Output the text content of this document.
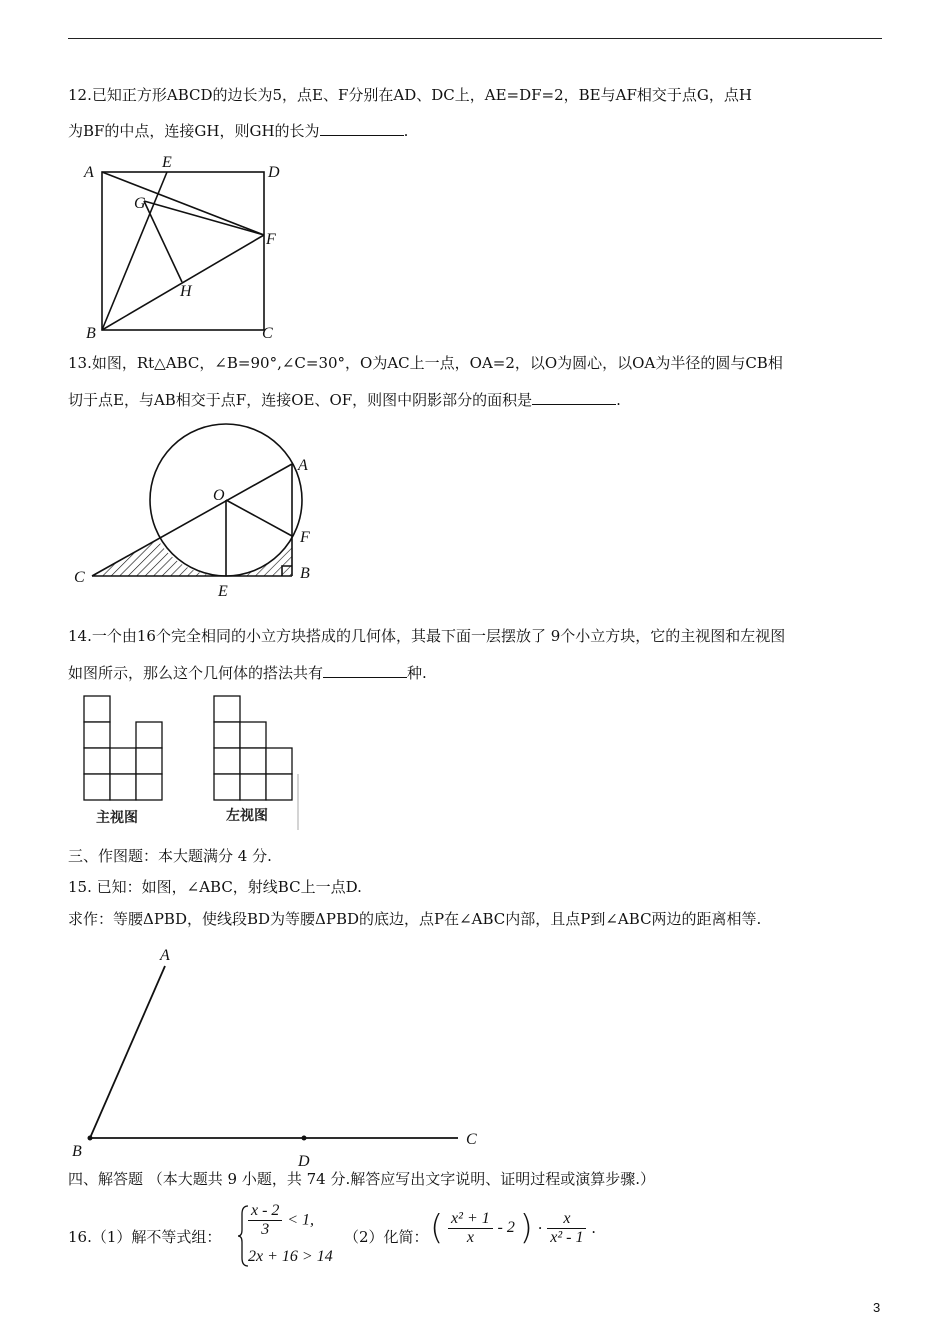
12.已知正方形ABCD的边长为5，点E、F分别在AD、DC上，AE=DF=2，BE与AF相交于点G，点H
为BF的中点，连接GH，则GH的长为	.
A
E
D
G
F
H
B	C
13.如图，Rt△ABC，∠B=90°,∠C=30°，O为AC上一点，OA=2，以O为圆心，以OA为半径的圆与CB相
切于点E，与AB相交于点F，连接OE、OF，则图中阴影部分的面积是	.
A
O
F
C
E
B
14.一个由16个完全相同的小立方块搭成的几何体，其最下面一层摆放了 9个小立方块，它的主视图和左视图
如图所示，那么这个几何体的搭法共有	种.
主视图	左视图
三、作图题：本大题满分 4 分.
15. 已知：如图，∠ABC，射线BC上一点D.
求作：等腰ΔPBD，使线段BD为等腰ΔPBD的底边，点P在∠ABC内部，且点P到∠ABC两边的距离相等.
A
B
C
D
四、解答题 （本大题共 9 小题，共 74 分.解答应写出文字说明、证明过程或演算步骤.）
16.（1）解不等式组： $\frac{x - 2}{3} < 1$,
2x + 16 > 14
（2）化简： ( $\frac{\text{x² + 1}}{x} - 2$ ) · $\frac{x}{\text{x² - 1}}$ .
3
